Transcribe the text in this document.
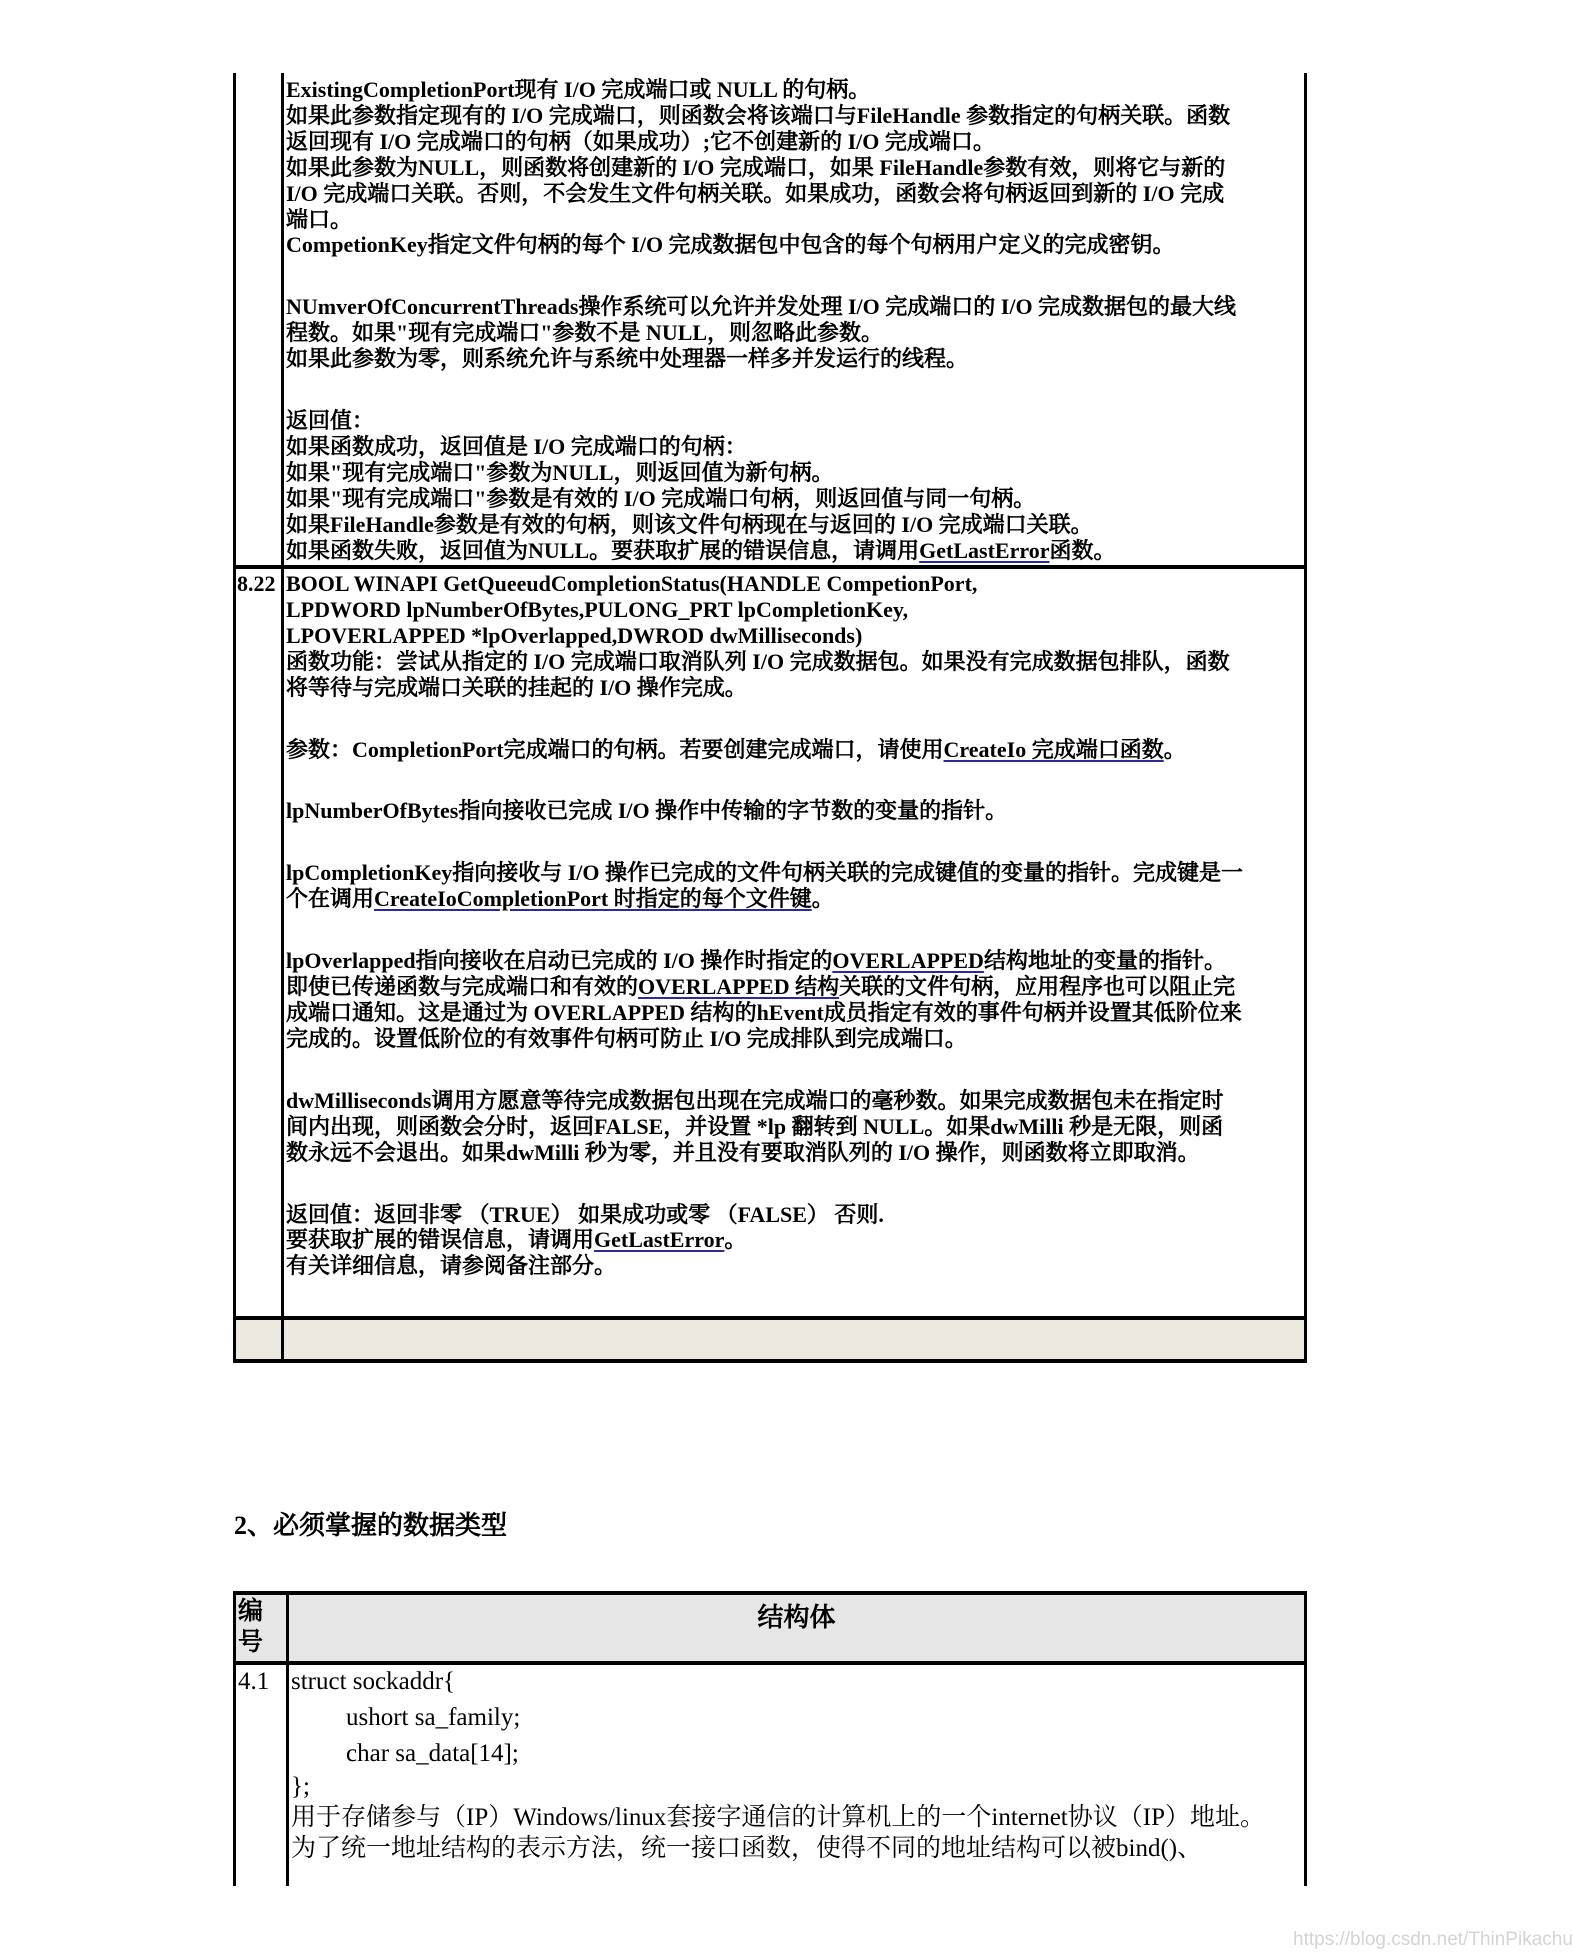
ExistingCompletionPort现有 I/O 完成端口或 NULL 的句柄。
如果此参数指定现有的 I/O 完成端口，则函数会将该端口与FileHandle 参数指定的句柄关联。函数
返回现有 I/O 完成端口的句柄（如果成功）;它不创建新的 I/O 完成端口。
如果此参数为NULL，则函数将创建新的 I/O 完成端口，如果 FileHandle参数有效，则将它与新的
I/O 完成端口关联。否则，不会发生文件句柄关联。如果成功，函数会将句柄返回到新的 I/O 完成
端口。
CompetionKey指定文件句柄的每个 I/O 完成数据包中包含的每个句柄用户定义的完成密钥。
NUmverOfConcurrentThreads操作系统可以允许并发处理 I/O 完成端口的 I/O 完成数据包的最大线
程数。如果"现有完成端口"参数不是 NULL，则忽略此参数。
如果此参数为零，则系统允许与系统中处理器一样多并发运行的线程。
返回值：
如果函数成功，返回值是 I/O 完成端口的句柄：
如果"现有完成端口"参数为NULL，则返回值为新句柄。
如果"现有完成端口"参数是有效的 I/O 完成端口句柄，则返回值与同一句柄。
如果FileHandle参数是有效的句柄，则该文件句柄现在与返回的 I/O 完成端口关联。
如果函数失败，返回值为NULL。要获取扩展的错误信息，请调用GetLastError函数。
8.22 BOOL WINAPI GetQueeudCompletionStatus(HANDLE CompetionPort,
LPDWORD lpNumberOfBytes,PULONG_PRT lpCompletionKey,
LPOVERLAPPED *lpOverlapped,DWROD dwMilliseconds)
函数功能：尝试从指定的 I/O 完成端口取消队列 I/O 完成数据包。如果没有完成数据包排队，函数
将等待与完成端口关联的挂起的 I/O 操作完成。
参数：CompletionPort完成端口的句柄。若要创建完成端口，请使用CreateIo 完成端口函数。
lpNumberOfBytes指向接收已完成 I/O 操作中传输的字节数的变量的指针。
lpCompletionKey指向接收与 I/O 操作已完成的文件句柄关联的完成键值的变量的指针。完成键是一
个在调用CreateIoCompletionPort 时指定的每个文件键。
lpOverlapped指向接收在启动已完成的 I/O 操作时指定的OVERLAPPED结构地址的变量的指针。
即使已传递函数与完成端口和有效的OVERLAPPED 结构关联的文件句柄，应用程序也可以阻止完
成端口通知。这是通过为 OVERLAPPED 结构的hEvent成员指定有效的事件句柄并设置其低阶位来
完成的。设置低阶位的有效事件句柄可防止 I/O 完成排队到完成端口。
dwMilliseconds调用方愿意等待完成数据包出现在完成端口的毫秒数。如果完成数据包未在指定时
间内出现，则函数会分时，返回FALSE，并设置 *lp 翻转到 NULL。如果dwMilli 秒是无限，则函
数永远不会退出。如果dwMilli 秒为零，并且没有要取消队列的 I/O 操作，则函数将立即取消。
返回值：返回非零 （TRUE） 如果成功或零 （FALSE） 否则.
要获取扩展的错误信息，请调用GetLastError。
有关详细信息，请参阅备注部分。
2、必须掌握的数据类型
编
号
结构体
4.1 struct sockaddr{
ushort sa_family;
char sa_data[14];
};
用于存储参与（IP）Windows/linux套接字通信的计算机上的一个internet协议（IP）地址。
为了统一地址结构的表示方法，统一接口函数，使得不同的地址结构可以被bind()、
https://blog.csdn.net/ThinPikachu
